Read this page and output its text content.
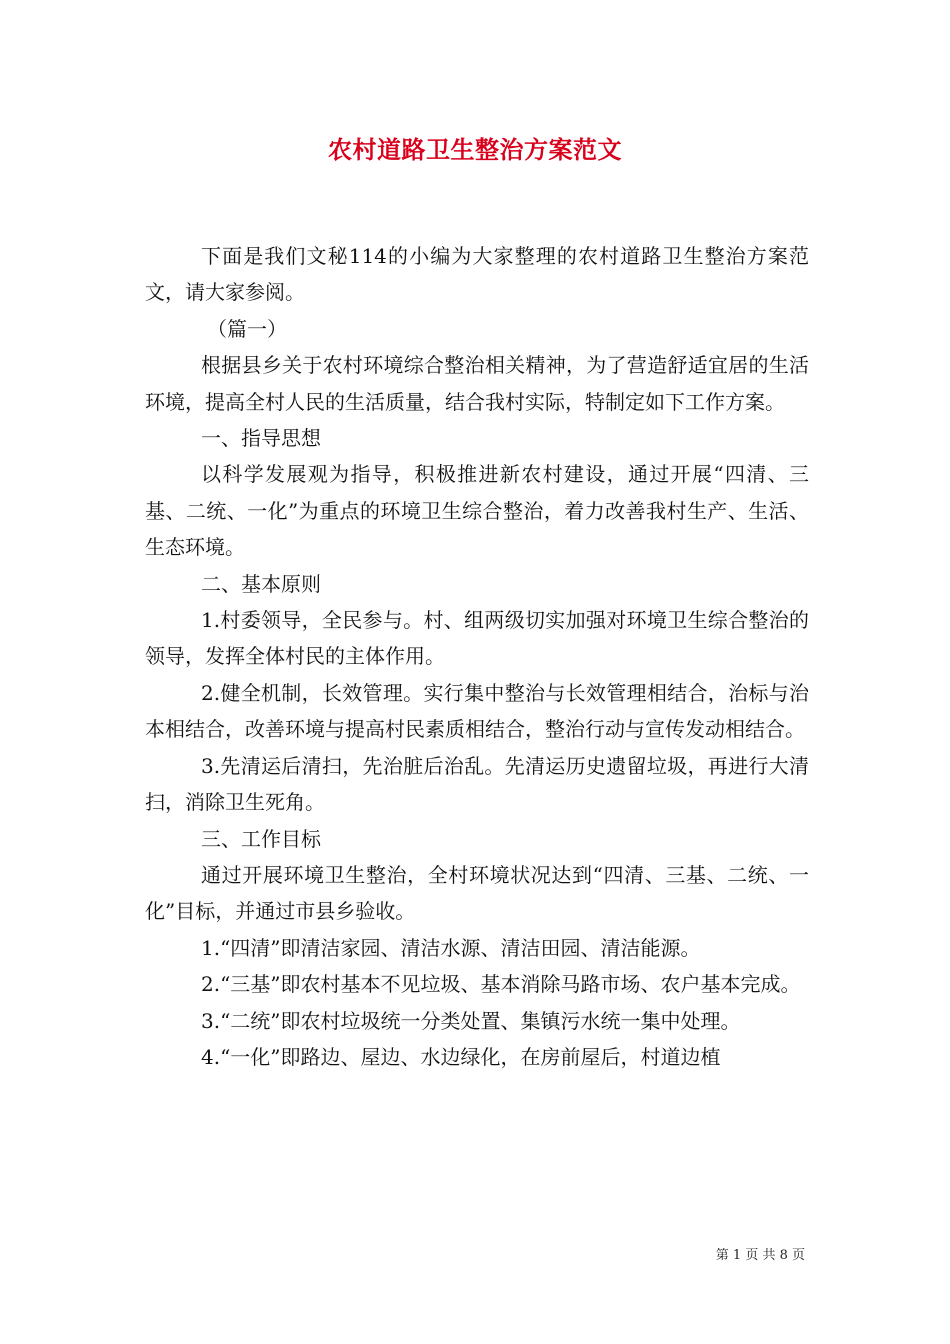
农村道路卫生整治方案范文

下面是我们文秘114的小编为大家整理的农村道路卫生整治方案范文，请大家参阅。

（篇一）

根据县乡关于农村环境综合整治相关精神，为了营造舒适宜居的生活环境，提高全村人民的生活质量，结合我村实际，特制定如下工作方案。

一、指导思想

以科学发展观为指导，积极推进新农村建设，通过开展“四清、三基、二统、一化”为重点的环境卫生综合整治，着力改善我村生产、生活、生态环境。

二、基本原则

1.村委领导，全民参与。村、组两级切实加强对环境卫生综合整治的领导，发挥全体村民的主体作用。

2.健全机制，长效管理。实行集中整治与长效管理相结合，治标与治本相结合，改善环境与提高村民素质相结合，整治行动与宣传发动相结合。

3.先清运后清扫，先治脏后治乱。先清运历史遗留垃圾，再进行大清扫，消除卫生死角。

三、工作目标

通过开展环境卫生整治，全村环境状况达到“四清、三基、二统、一化”目标，并通过市县乡验收。

1.“四清”即清洁家园、清洁水源、清洁田园、清洁能源。

2.“三基”即农村基本不见垃圾、基本消除马路市场、农户基本完成。

3.“二统”即农村垃圾统一分类处置、集镇污水统一集中处理。

4.“一化”即路边、屋边、水边绿化，在房前屋后，村道边植

第 1 页 共 8 页
